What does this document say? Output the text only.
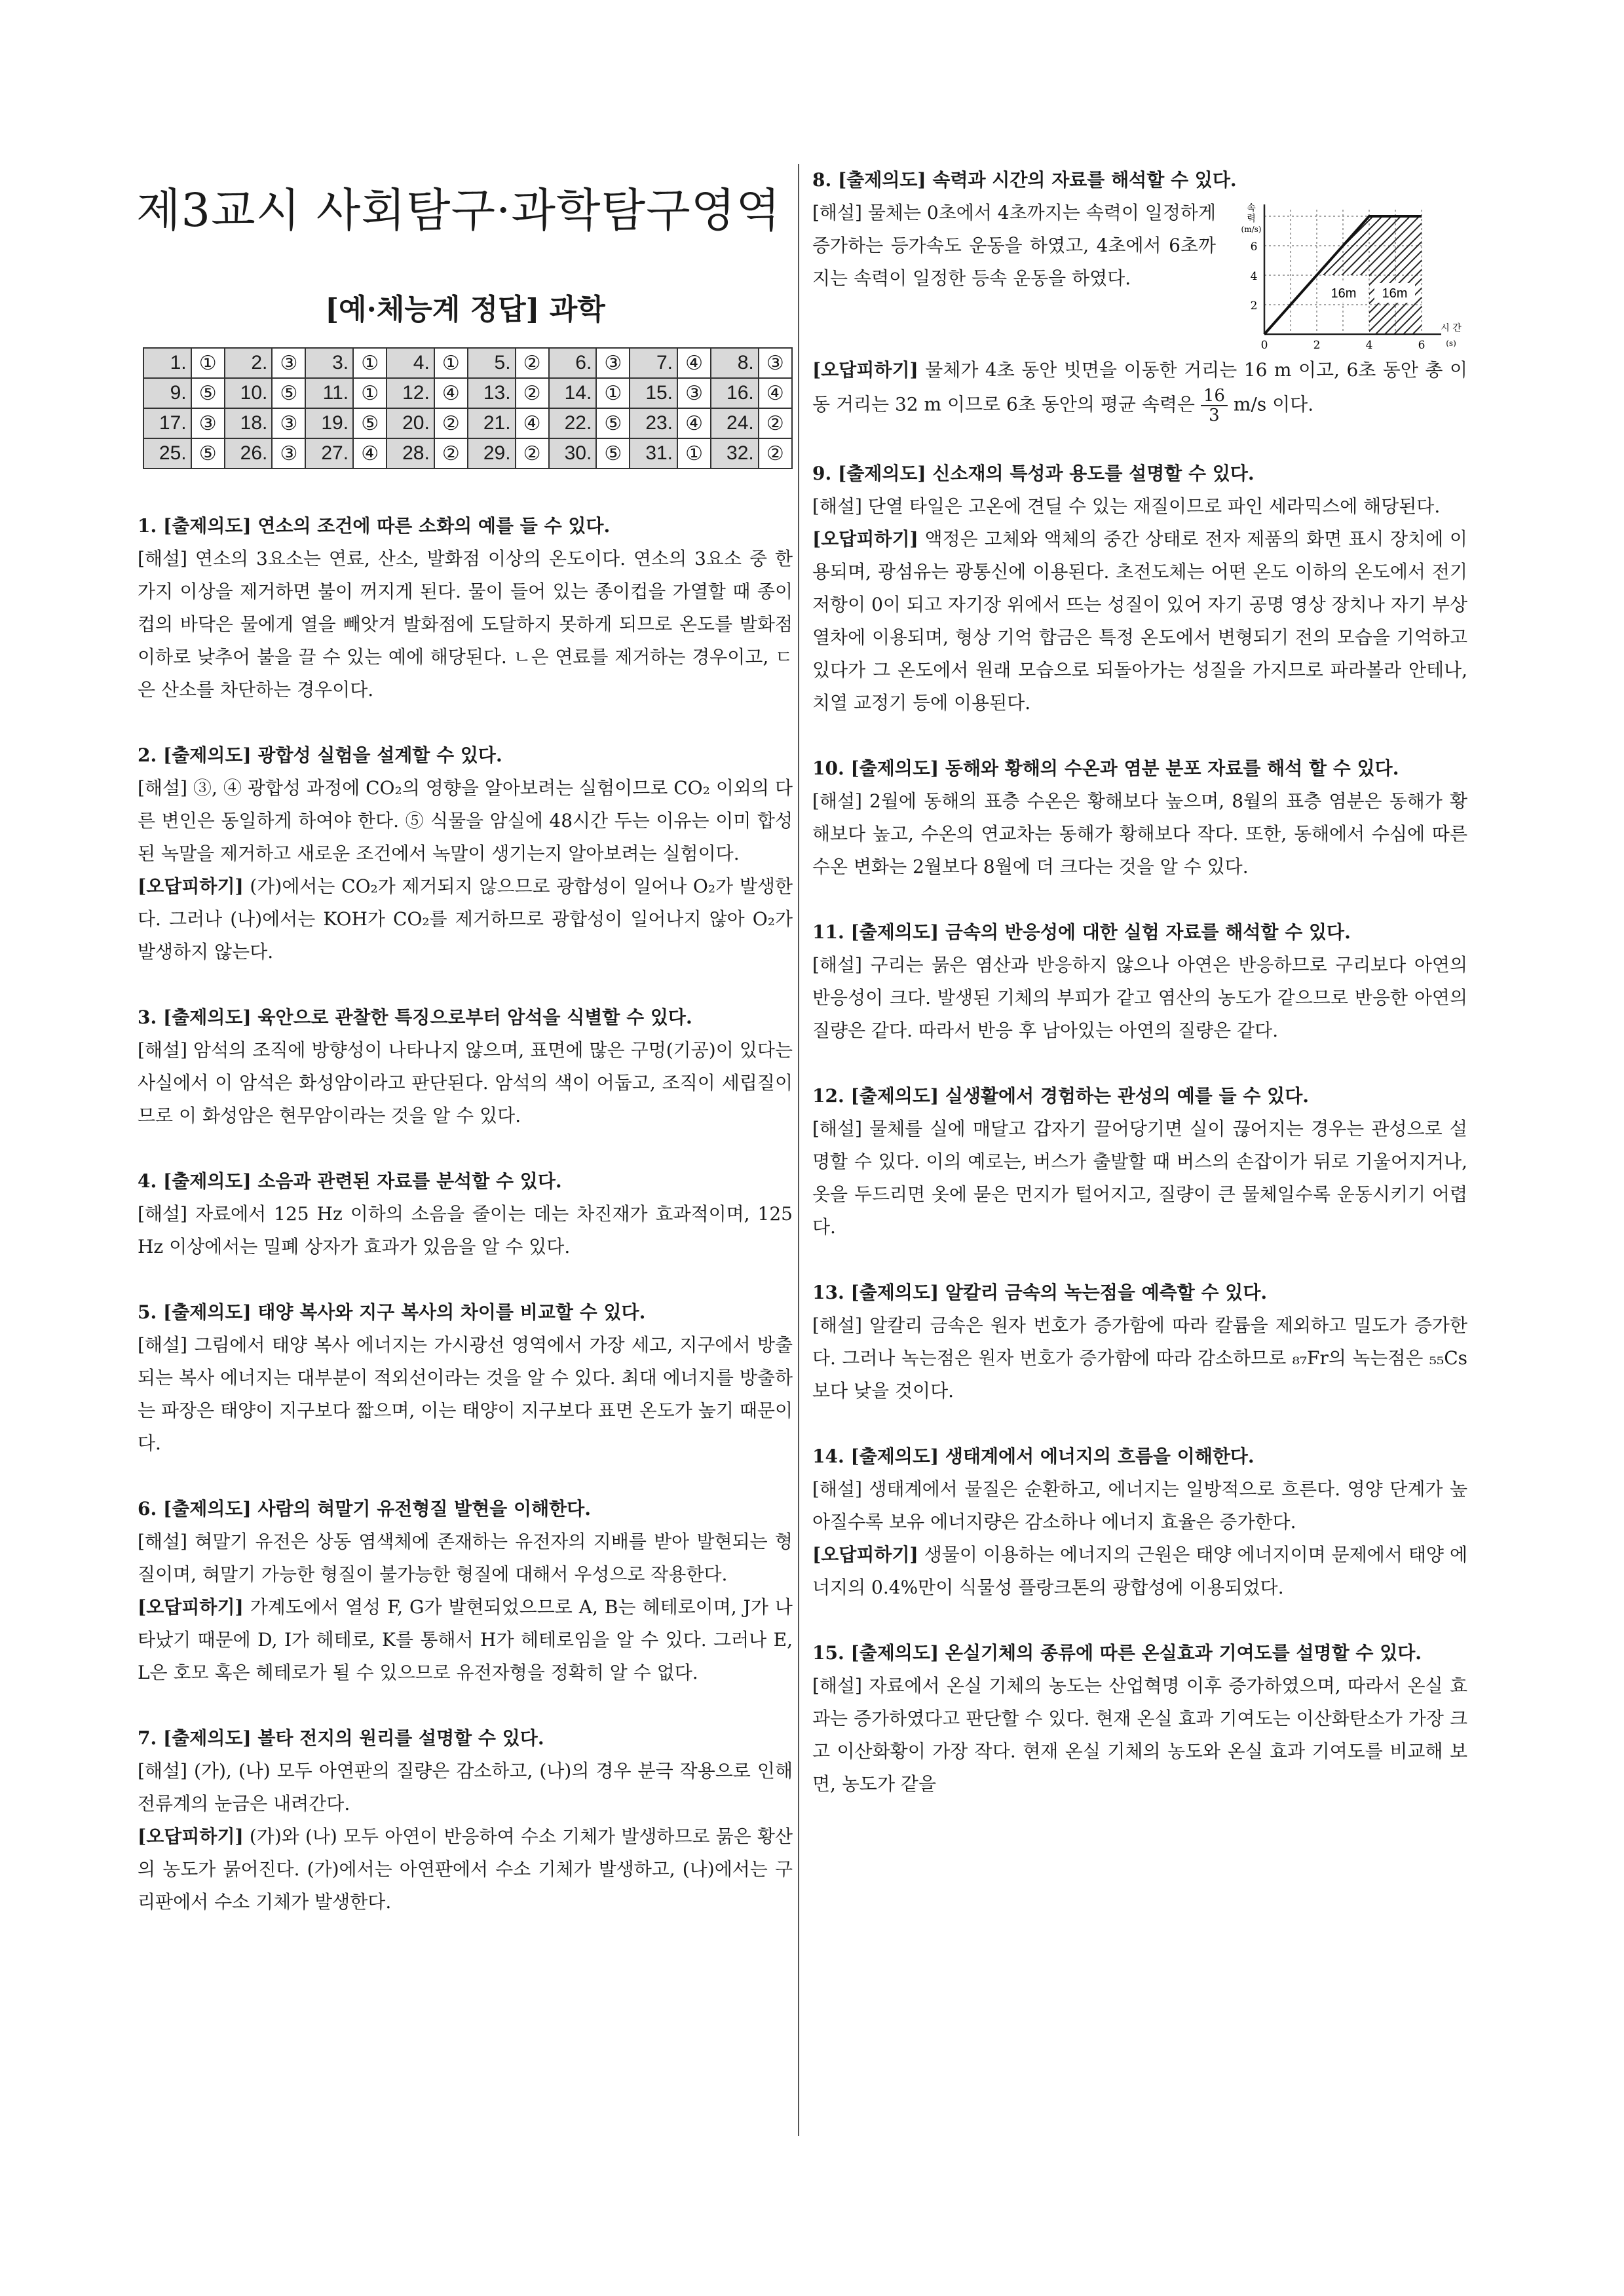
제3교시 사회탐구·과학탐구영역
[예·체능계 정답] 과학
1.	①	2.	③	3.	①	4.	①	5.	②	6.	③	7.	④	8.	③
9.	⑤	10.	⑤	11.	①	12.	④	13.	②	14.	①	15.	③	16.	④
17.	③	18.	③	19.	⑤	20.	②	21.	④	22.	⑤	23.	④	24.	②
25.	⑤	26.	③	27.	④	28.	②	29.	②	30.	⑤	31.	①	32.	②
1. [출제의도] 연소의 조건에 따른 소화의 예를 들 수 있다.

[해설] 연소의 3요소는 연료, 산소, 발화점 이상의 온도이다. 연소의 3요소 중 한 가지 이상을 제거하면 불이 꺼지게 된다. 물이 들어 있는 종이컵을 가열할 때 종이컵의 바닥은 물에게 열을 빼앗겨 발화점에 도달하지 못하게 되므로 온도를 발화점 이하로 낮추어 불을 끌 수 있는 예에 해당된다. ㄴ은 연료를 제거하는 경우이고, ㄷ은 산소를 차단하는 경우이다.

2. [출제의도] 광합성 실험을 설계할 수 있다.

[해설] ③, ④ 광합성 과정에 CO₂의 영향을 알아보려는 실험이므로 CO₂ 이외의 다른 변인은 동일하게 하여야 한다. ⑤ 식물을 암실에 48시간 두는 이유는 이미 합성된 녹말을 제거하고 새로운 조건에서 녹말이 생기는지 알아보려는 실험이다.

[오답피하기] (가)에서는 CO₂가 제거되지 않으므로 광합성이 일어나 O₂가 발생한다. 그러나 (나)에서는 KOH가 CO₂를 제거하므로 광합성이 일어나지 않아 O₂가 발생하지 않는다.

3. [출제의도] 육안으로 관찰한 특징으로부터 암석을 식별할 수 있다.

[해설] 암석의 조직에 방향성이 나타나지 않으며, 표면에 많은 구멍(기공)이 있다는 사실에서 이 암석은 화성암이라고 판단된다. 암석의 색이 어둡고, 조직이 세립질이므로 이 화성암은 현무암이라는 것을 알 수 있다.

4. [출제의도] 소음과 관련된 자료를 분석할 수 있다.

[해설] 자료에서 125 Hz 이하의 소음을 줄이는 데는 차진재가 효과적이며, 125 Hz 이상에서는 밀폐 상자가 효과가 있음을 알 수 있다.

5. [출제의도] 태양 복사와 지구 복사의 차이를 비교할 수 있다.

[해설] 그림에서 태양 복사 에너지는 가시광선 영역에서 가장 세고, 지구에서 방출되는 복사 에너지는 대부분이 적외선이라는 것을 알 수 있다. 최대 에너지를 방출하는 파장은 태양이 지구보다 짧으며, 이는 태양이 지구보다 표면 온도가 높기 때문이다.

6. [출제의도] 사람의 혀말기 유전형질 발현을 이해한다.

[해설] 혀말기 유전은 상동 염색체에 존재하는 유전자의 지배를 받아 발현되는 형질이며, 혀말기 가능한 형질이 불가능한 형질에 대해서 우성으로 작용한다.

[오답피하기] 가계도에서 열성 F, G가 발현되었으므로 A, B는 헤테로이며, J가 나타났기 때문에 D, I가 헤테로, K를 통해서 H가 헤테로임을 알 수 있다. 그러나 E, L은 호모 혹은 헤테로가 될 수 있으므로 유전자형을 정확히 알 수 없다.

7. [출제의도] 볼타 전지의 원리를 설명할 수 있다.

[해설] (가), (나) 모두 아연판의 질량은 감소하고, (나)의 경우 분극 작용으로 인해 전류계의 눈금은 내려간다.

[오답피하기] (가)와 (나) 모두 아연이 반응하여 수소 기체가 발생하므로 묽은 황산의 농도가 묽어진다. (가)에서는 아연판에서 수소 기체가 발생하고, (나)에서는 구리판에서 수소 기체가 발생한다.

8. [출제의도] 속력과 시간의 자료를 해석할 수 있다.

[해설] 물체는 0초에서 4초까지는 속력이 일정하게 증가하는 등가속도 운동을 하였고, 4초에서 6초까지는 속력이 일정한 등속 운동을 하였다.

16m 16m
6
4
2
0	2	4	6
속
력
(m/s)
시 간
(s)

[오답피하기] 물체가 4초 동안 빗면을 이동한 거리는 16 m 이고, 6초 동안 총 이동 거리는 32 m 이므로 6초 동안의 평균 속력은 $\frac{16}{3} m/s$ 이다.

9. [출제의도] 신소재의 특성과 용도를 설명할 수 있다.

[해설] 단열 타일은 고온에 견딜 수 있는 재질이므로 파인 세라믹스에 해당된다.

[오답피하기] 액정은 고체와 액체의 중간 상태로 전자 제품의 화면 표시 장치에 이용되며, 광섬유는 광통신에 이용된다. 초전도체는 어떤 온도 이하의 온도에서 전기 저항이 0이 되고 자기장 위에서 뜨는 성질이 있어 자기 공명 영상 장치나 자기 부상 열차에 이용되며, 형상 기억 합금은 특정 온도에서 변형되기 전의 모습을 기억하고 있다가 그 온도에서 원래 모습으로 되돌아가는 성질을 가지므로 파라볼라 안테나, 치열 교정기 등에 이용된다.

10. [출제의도] 동해와 황해의 수온과 염분 분포 자료를 해석 할 수 있다.

[해설] 2월에 동해의 표층 수온은 황해보다 높으며, 8월의 표층 염분은 동해가 황해보다 높고, 수온의 연교차는 동해가 황해보다 작다. 또한, 동해에서 수심에 따른 수온 변화는 2월보다 8월에 더 크다는 것을 알 수 있다.

11. [출제의도] 금속의 반응성에 대한 실험 자료를 해석할 수 있다.

[해설] 구리는 묽은 염산과 반응하지 않으나 아연은 반응하므로 구리보다 아연의 반응성이 크다. 발생된 기체의 부피가 같고 염산의 농도가 같으므로 반응한 아연의 질량은 같다. 따라서 반응 후 남아있는 아연의 질량은 같다.

12. [출제의도] 실생활에서 경험하는 관성의 예를 들 수 있다.

[해설] 물체를 실에 매달고 갑자기 끌어당기면 실이 끊어지는 경우는 관성으로 설명할 수 있다. 이의 예로는, 버스가 출발할 때 버스의 손잡이가 뒤로 기울어지거나, 옷을 두드리면 옷에 묻은 먼지가 털어지고, 질량이 큰 물체일수록 운동시키기 어렵다.

13. [출제의도] 알칼리 금속의 녹는점을 예측할 수 있다.

[해설] 알칼리 금속은 원자 번호가 증가함에 따라 칼륨을 제외하고 밀도가 증가한다. 그러나 녹는점은 원자 번호가 증가함에 따라 감소하므로 ₈₇Fr의 녹는점은 ₅₅Cs보다 낮을 것이다.

14. [출제의도] 생태계에서 에너지의 흐름을 이해한다.

[해설] 생태계에서 물질은 순환하고, 에너지는 일방적으로 흐른다. 영양 단계가 높아질수록 보유 에너지량은 감소하나 에너지 효율은 증가한다.

[오답피하기] 생물이 이용하는 에너지의 근원은 태양 에너지이며 문제에서 태양 에너지의 0.4%만이 식물성 플랑크톤의 광합성에 이용되었다.

15. [출제의도] 온실기체의 종류에 따른 온실효과 기여도를 설명할 수 있다.

[해설] 자료에서 온실 기체의 농도는 산업혁명 이후 증가하였으며, 따라서 온실 효과는 증가하였다고 판단할 수 있다. 현재 온실 효과 기여도는 이산화탄소가 가장 크고 이산화황이 가장 작다. 현재 온실 기체의 농도와 온실 효과 기여도를 비교해 보면, 농도가 같을
